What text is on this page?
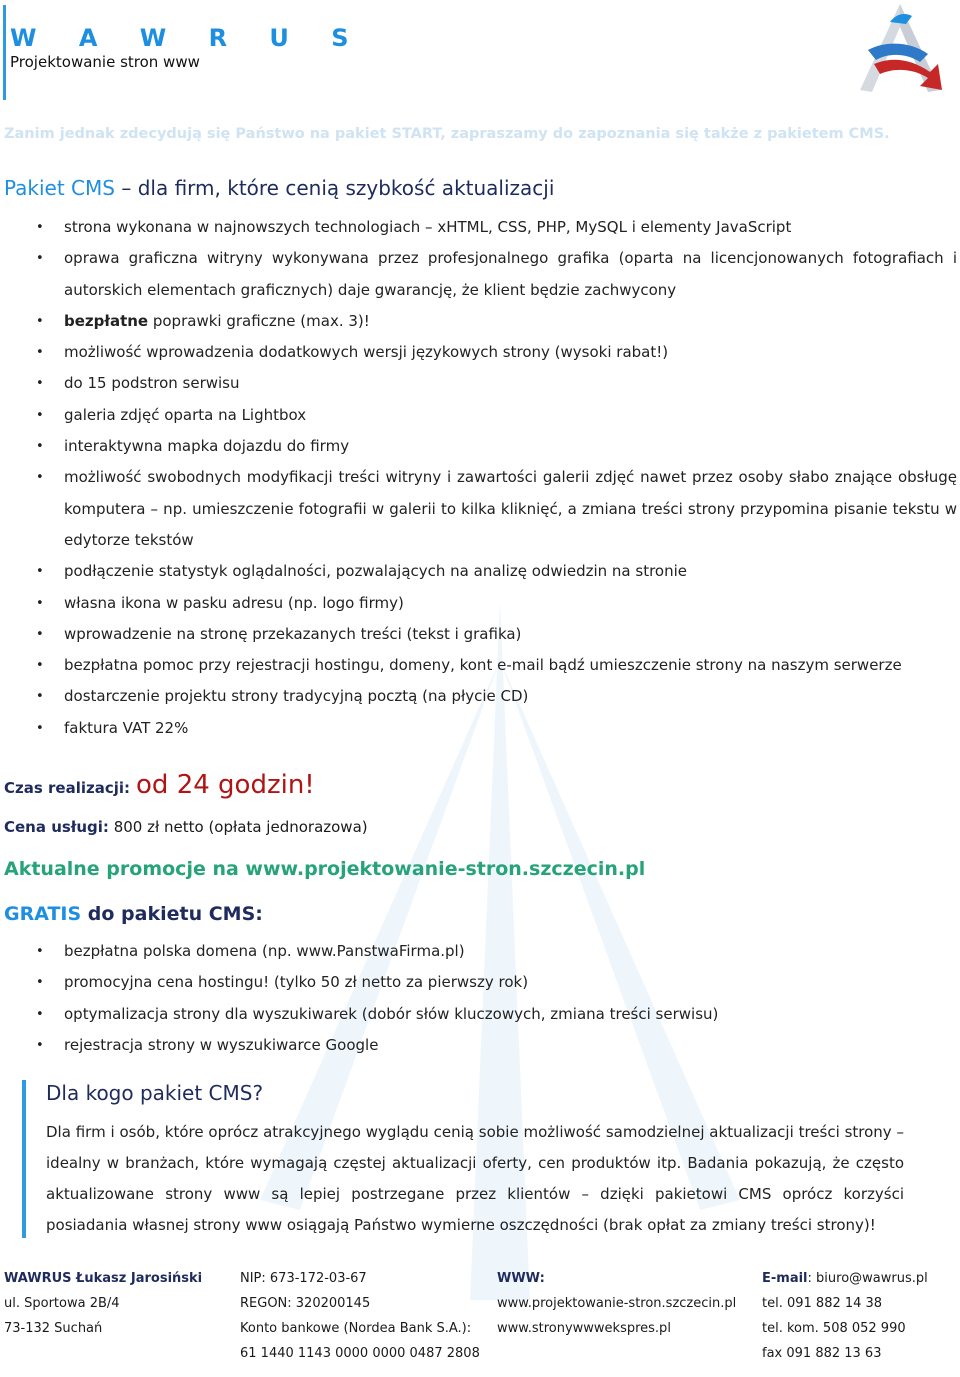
W A W R U S
Projektowanie stron www
Zanim jednak zdecydują się Państwo na pakiet START, zapraszamy do zapoznania się także z pakietem CMS.
Pakiet CMS – dla firm, które cenią szybkość aktualizacji
• strona wykonana w najnowszych technologiach – xHTML, CSS, PHP, MySQL i elementy JavaScript
• oprawa graficzna witryny wykonywana przez profesjonalnego grafika (oparta na licencjonowanych fotografiach i autorskich elementach graficznych) daje gwarancję, że klient będzie zachwycony
• bezpłatne poprawki graficzne (max. 3)!
• możliwość wprowadzenia dodatkowych wersji językowych strony (wysoki rabat!)
• do 15 podstron serwisu
• galeria zdjęć oparta na Lightbox
• interaktywna mapka dojazdu do firmy
• możliwość swobodnych modyfikacji treści witryny i zawartości galerii zdjęć nawet przez osoby słabo znające obsługę komputera – np. umieszczenie fotografii w galerii to kilka kliknięć, a zmiana treści strony przypomina pisanie tekstu w edytorze tekstów
• podłączenie statystyk oglądalności, pozwalających na analizę odwiedzin na stronie
• własna ikona w pasku adresu (np. logo firmy)
• wprowadzenie na stronę przekazanych treści (tekst i grafika)
• bezpłatna pomoc przy rejestracji hostingu, domeny, kont e-mail bądź umieszczenie strony na naszym serwerze
• dostarczenie projektu strony tradycyjną pocztą (na płycie CD)
• faktura VAT 22%
Czas realizacji: od 24 godzin!
Cena usługi: 800 zł netto (opłata jednorazowa)
Aktualne promocje na www.projektowanie-stron.szczecin.pl
GRATIS do pakietu CMS:
• bezpłatna polska domena (np. www.PanstwaFirma.pl)
• promocyjna cena hostingu! (tylko 50 zł netto za pierwszy rok)
• optymalizacja strony dla wyszukiwarek (dobór słów kluczowych, zmiana treści serwisu)
• rejestracja strony w wyszukiwarce Google
Dla kogo pakiet CMS?
Dla firm i osób, które oprócz atrakcyjnego wyglądu cenią sobie możliwość samodzielnej aktualizacji treści strony – idealny w branżach, które wymagają częstej aktualizacji oferty, cen produktów itp. Badania pokazują, że często aktualizowane strony www są lepiej postrzegane przez klientów – dzięki pakietowi CMS oprócz korzyści posiadania własnej strony www osiągają Państwo wymierne oszczędności (brak opłat za zmiany treści strony)!
WAWRUS Łukasz Jarosiński
ul. Sportowa 2B/4
73-132 Suchań
NIP: 673-172-03-67
REGON: 320200145
Konto bankowe (Nordea Bank S.A.):
61 1440 1143 0000 0000 0487 2808
WWW:
www.projektowanie-stron.szczecin.pl
www.stronywwwekspres.pl
E-mail: biuro@wawrus.pl
tel. 091 882 14 38
tel. kom. 508 052 990
fax 091 882 13 63
